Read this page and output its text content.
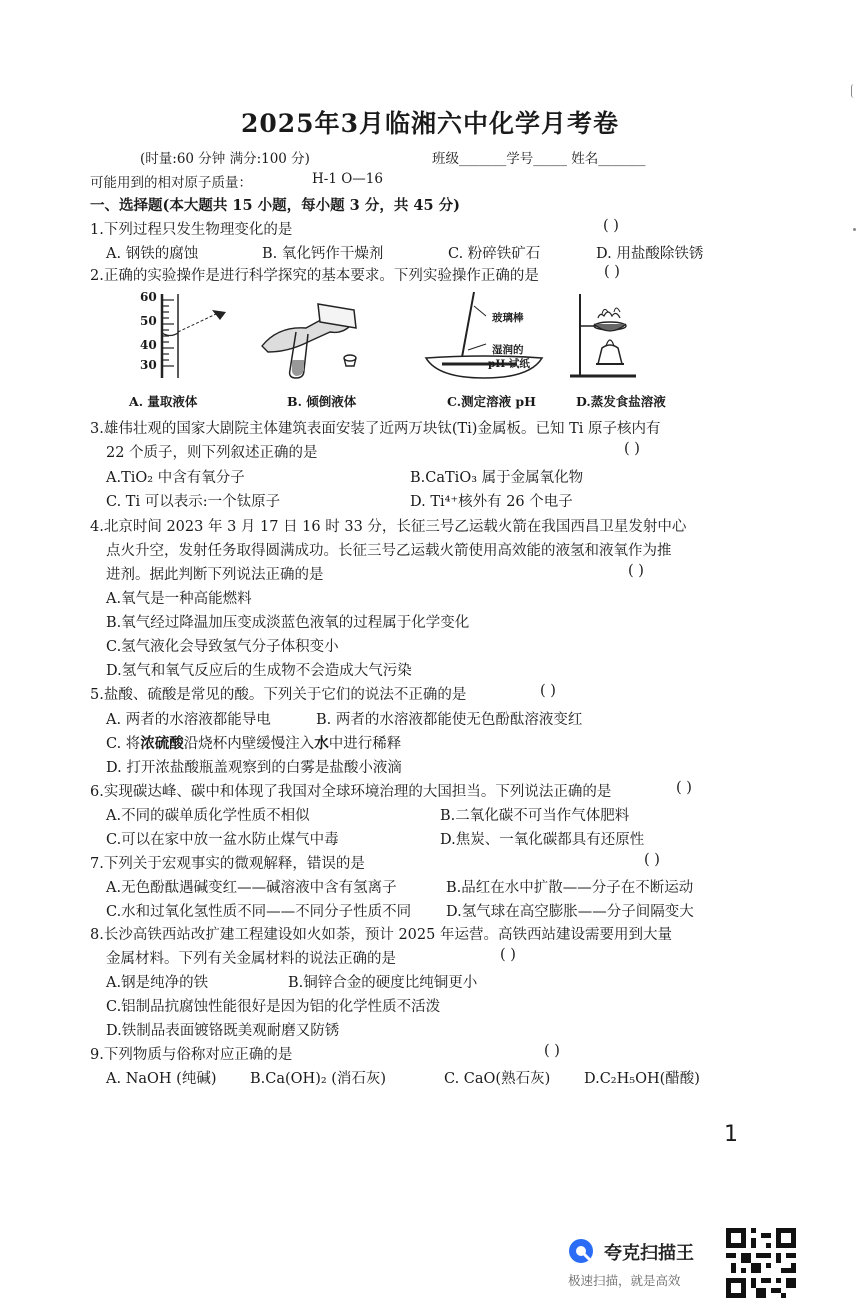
2025年3月临湘六中化学月考卷
(时量:60 分钟 满分:100 分)	班级_______学号_____ 姓名_______
可能用到的相对原子质量：	H-1 O—16
一、选择题(本大题共 15 小题，每小题 3 分，共 45 分)
1.下列过程只发生物理变化的是	( )
A. 钢铁的腐蚀	B. 氧化钙作干燥剂	C. 粉碎铁矿石	D. 用盐酸除铁锈
2.正确的实验操作是进行科学探究的基本要求。下列实验操作正确的是	( )
60
50
40
30
玻璃棒
湿润的
pH 试纸
A. 量取液体	B. 倾倒液体	C.测定溶液 pH	D.蒸发食盐溶液
3.雄伟壮观的国家大剧院主体建筑表面安装了近两万块钛(Ti)金属板。已知 Ti 原子核内有
22 个质子，则下列叙述正确的是	( )
A.TiO₂ 中含有氧分子	B.CaTiO₃ 属于金属氧化物
C. Ti 可以表示:一个钛原子	D. Ti⁴⁺核外有 26 个电子
4.北京时间 2023 年 3 月 17 日 16 时 33 分，长征三号乙运载火箭在我国西昌卫星发射中心
点火升空，发射任务取得圆满成功。长征三号乙运载火箭使用高效能的液氢和液氧作为推
进剂。据此判断下列说法正确的是	( )
A.氧气是一种高能燃料
B.氧气经过降温加压变成淡蓝色液氧的过程属于化学变化
C.氢气液化会导致氢气分子体积变小
D.氢气和氧气反应后的生成物不会造成大气污染
5.盐酸、硫酸是常见的酸。下列关于它们的说法不正确的是	( )
A. 两者的水溶液都能导电	B. 两者的水溶液都能使无色酚酞溶液变红
C. 将浓硫酸沿烧杯内壁缓慢注入水中进行稀释
D. 打开浓盐酸瓶盖观察到的白雾是盐酸小液滴
6.实现碳达峰、碳中和体现了我国对全球环境治理的大国担当。下列说法正确的是	( )
A.不同的碳单质化学性质不相似	B.二氧化碳不可当作气体肥料
C.可以在家中放一盆水防止煤气中毒	D.焦炭、一氧化碳都具有还原性
7.下列关于宏观事实的微观解释，错误的是	( )
A.无色酚酞遇碱变红——碱溶液中含有氢离子	B.品红在水中扩散——分子在不断运动
C.水和过氧化氢性质不同——不同分子性质不同 D.氢气球在高空膨胀——分子间隔变大
8.长沙高铁西站改扩建工程建设如火如荼，预计 2025 年运营。高铁西站建设需要用到大量
金属材料。下列有关金属材料的说法正确的是	( )
A.钢是纯净的铁	B.铜锌合金的硬度比纯铜更小
C.铝制品抗腐蚀性能很好是因为铝的化学性质不活泼
D.铁制品表面镀铬既美观耐磨又防锈
9.下列物质与俗称对应正确的是	( )
A. NaOH (纯碱) B.Ca(OH)₂ (消石灰)	C. CaO(熟石灰) D.C₂H₅OH(醋酸)
1
夸克扫描王
极速扫描，就是高效
